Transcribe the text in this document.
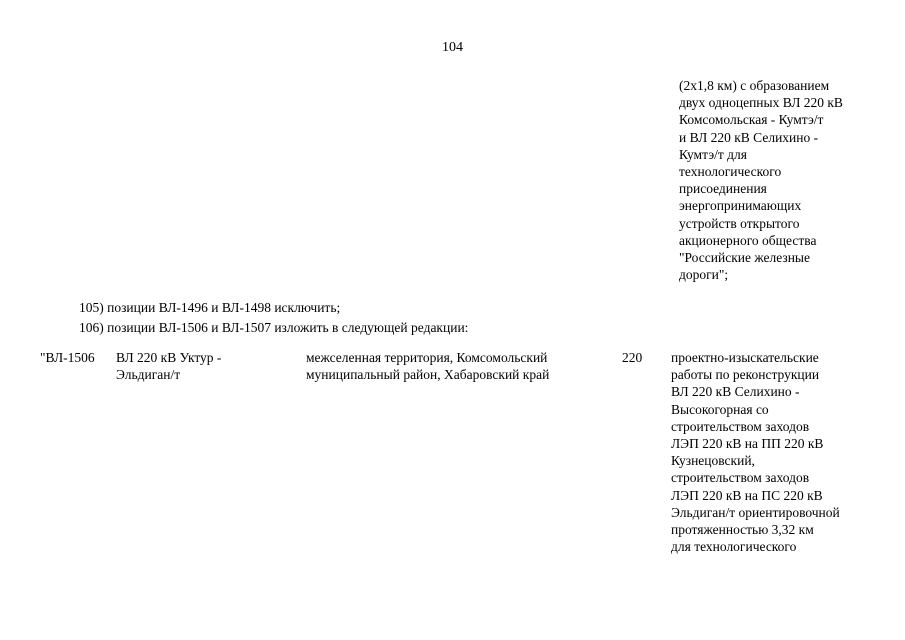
104
(2x1,8 км) с образованием
двух одноцепных ВЛ 220 кВ
Комсомольская - Кумтэ/т
и ВЛ 220 кВ Селихино -
Кумтэ/т для
технологического
присоединения
энергопринимающих
устройств открытого
акционерного общества
"Российские железные
дороги";
105) позиции ВЛ-1496 и ВЛ-1498 исключить;
106) позиции ВЛ-1506 и ВЛ-1507 изложить в следующей редакции:
"ВЛ-1506 ВЛ 220 кВ Уктур -
Эльдиган/т
межселенная территория, Комсомольский
муниципальный район, Хабаровский край
220 проектно-изыскательские
работы по реконструкции
ВЛ 220 кВ Селихино -
Высокогорная со
строительством заходов
ЛЭП 220 кВ на ПП 220 кВ
Кузнецовский,
строительством заходов
ЛЭП 220 кВ на ПС 220 кВ
Эльдиган/т ориентировочной
протяженностью 3,32 км
для технологического
